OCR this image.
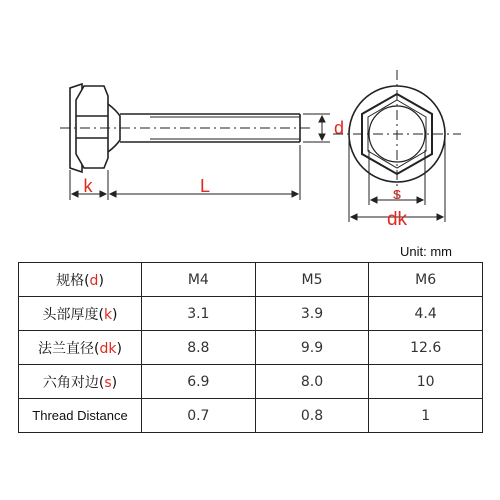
k	L
d
s
dk
Unit: mm
规格(d)	M4	M5	M6
头部厚度(k)	3.1	3.9	4.4
法兰直径(dk)	8.8	9.9	12.6
六角对边(s)	6.9	8.0	10
Thread Distance	0.7	0.8	1
